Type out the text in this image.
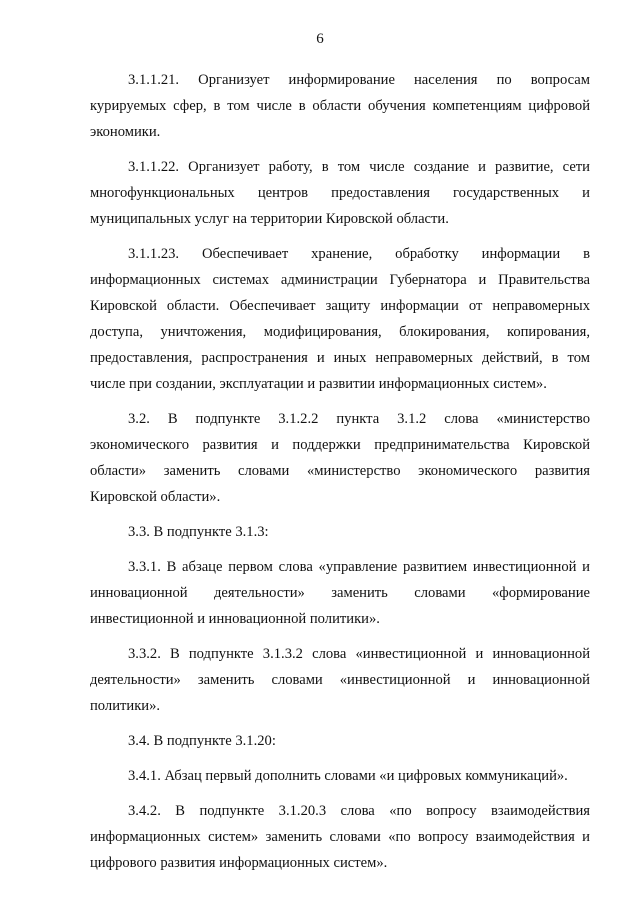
6

3.1.1.21. Организует информирование населения по вопросам курируемых сфер, в том числе в области обучения компетенциям цифровой экономики.

3.1.1.22. Организует работу, в том числе создание и развитие, сети многофункциональных центров предоставления государственных и муниципальных услуг на территории Кировской области.

3.1.1.23. Обеспечивает хранение, обработку информации в информационных системах администрации Губернатора и Правительства Кировской области. Обеспечивает защиту информации от неправомерных доступа, уничтожения, модифицирования, блокирования, копирования, предоставления, распространения и иных неправомерных действий, в том числе при создании, эксплуатации и развитии информационных систем».

3.2. В подпункте 3.1.2.2 пункта 3.1.2 слова «министерство экономического развития и поддержки предпринимательства Кировской области» заменить словами «министерство экономического развития Кировской области».

3.3. В подпункте 3.1.3:

3.3.1. В абзаце первом слова «управление развитием инвестиционной и инновационной деятельности» заменить словами «формирование инвестиционной и инновационной политики».

3.3.2. В подпункте 3.1.3.2 слова «инвестиционной и инновационной деятельности» заменить словами «инвестиционной и инновационной политики».

3.4. В подпункте 3.1.20:

3.4.1. Абзац первый дополнить словами «и цифровых коммуникаций».

3.4.2. В подпункте 3.1.20.3 слова «по вопросу взаимодействия информационных систем» заменить словами «по вопросу взаимодействия и цифрового развития информационных систем».
